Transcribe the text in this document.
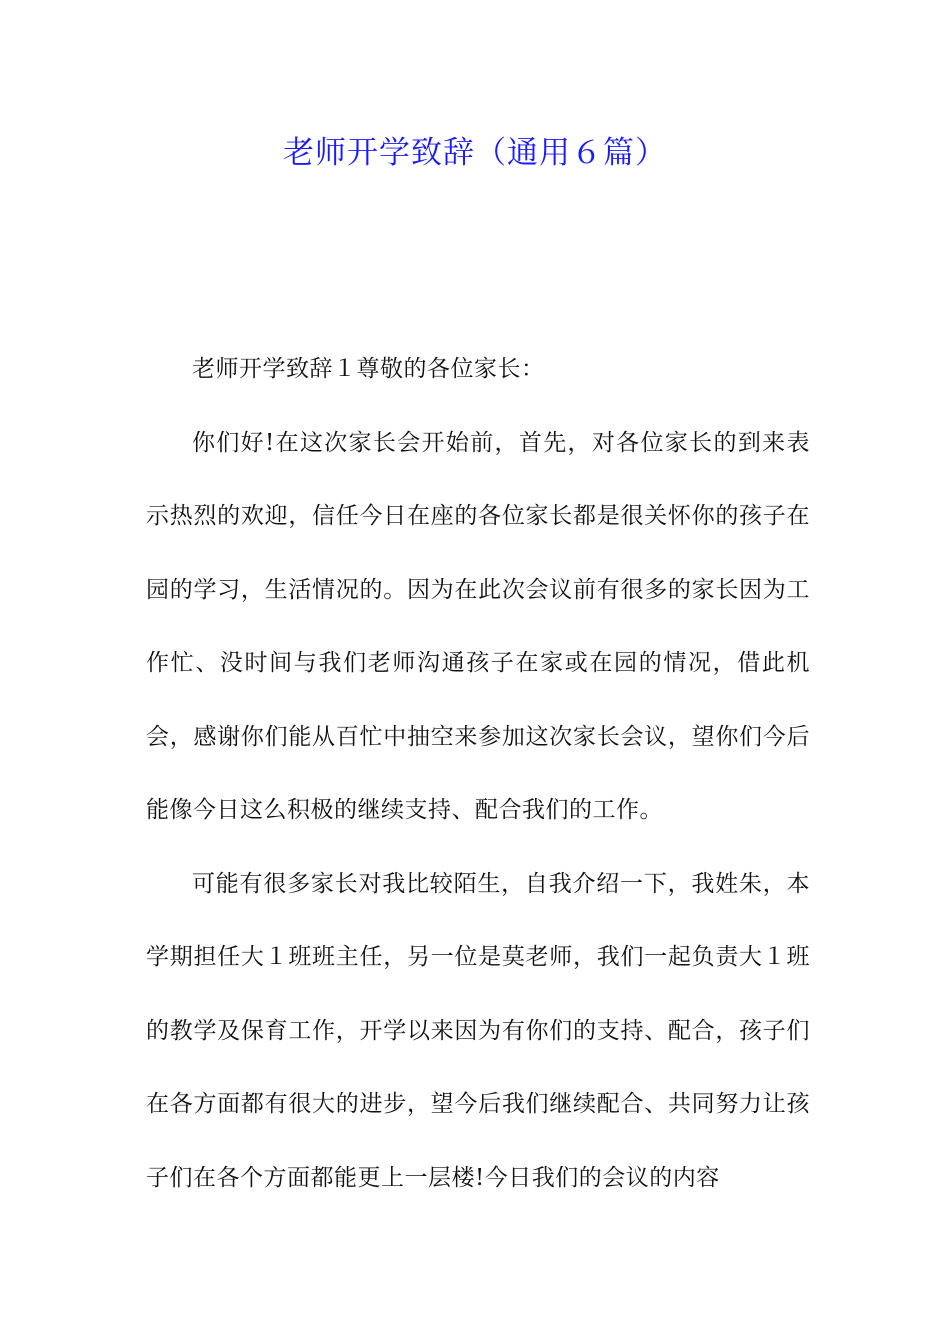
老师开学致辞（通用６篇）

老师开学致辞１尊敬的各位家长：

你们好!在这次家长会开始前，首先，对各位家长的到来表示热烈的欢迎，信任今日在座的各位家长都是很关怀你的孩子在园的学习，生活情况的。因为在此次会议前有很多的家长因为工作忙、没时间与我们老师沟通孩子在家或在园的情况，借此机会，感谢你们能从百忙中抽空来参加这次家长会议，望你们今后能像今日这么积极的继续支持、配合我们的工作。

可能有很多家长对我比较陌生，自我介绍一下，我姓朱，本学期担任大１班班主任，另一位是莫老师，我们一起负责大１班的教学及保育工作，开学以来因为有你们的支持、配合，孩子们在各方面都有很大的进步，望今后我们继续配合、共同努力让孩子们在各个方面都能更上一层楼!今日我们的会议的内容
